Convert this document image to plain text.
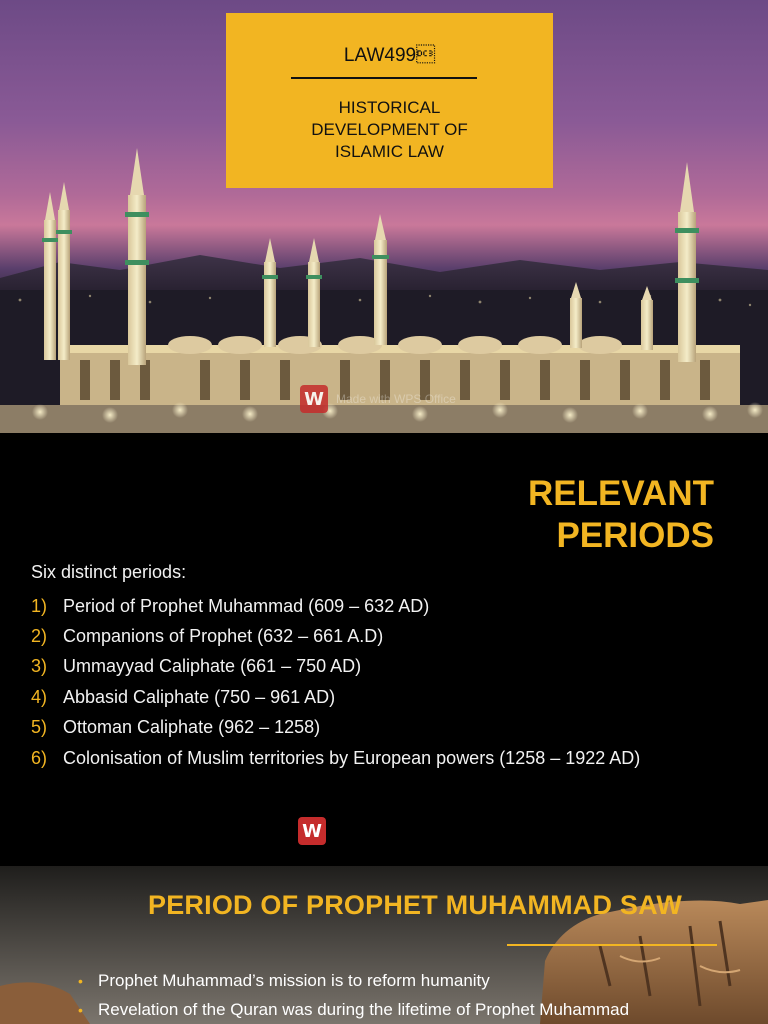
LAW499
HISTORICAL
DEVELOPMENT OF
ISLAMIC LAW
W	Made with WPS Office
RELEVANT
PERIODS

Six distinct periods:

1) Period of Prophet Muhammad (609 – 632 AD)
2) Companions of Prophet (632 – 661 A.D)
3) Ummayyad Caliphate (661 – 750 AD)
4) Abbasid Caliphate (750 – 961 AD)
5) Ottoman Caliphate (962 – 1258)
6) Colonisation of Muslim territories by European powers (1258 – 1922 AD)
W
PERIOD OF PROPHET MUHAMMAD SAW
• Prophet Muhammad’s mission is to reform humanity
• Revelation of the Quran was during the lifetime of Prophet Muhammad
